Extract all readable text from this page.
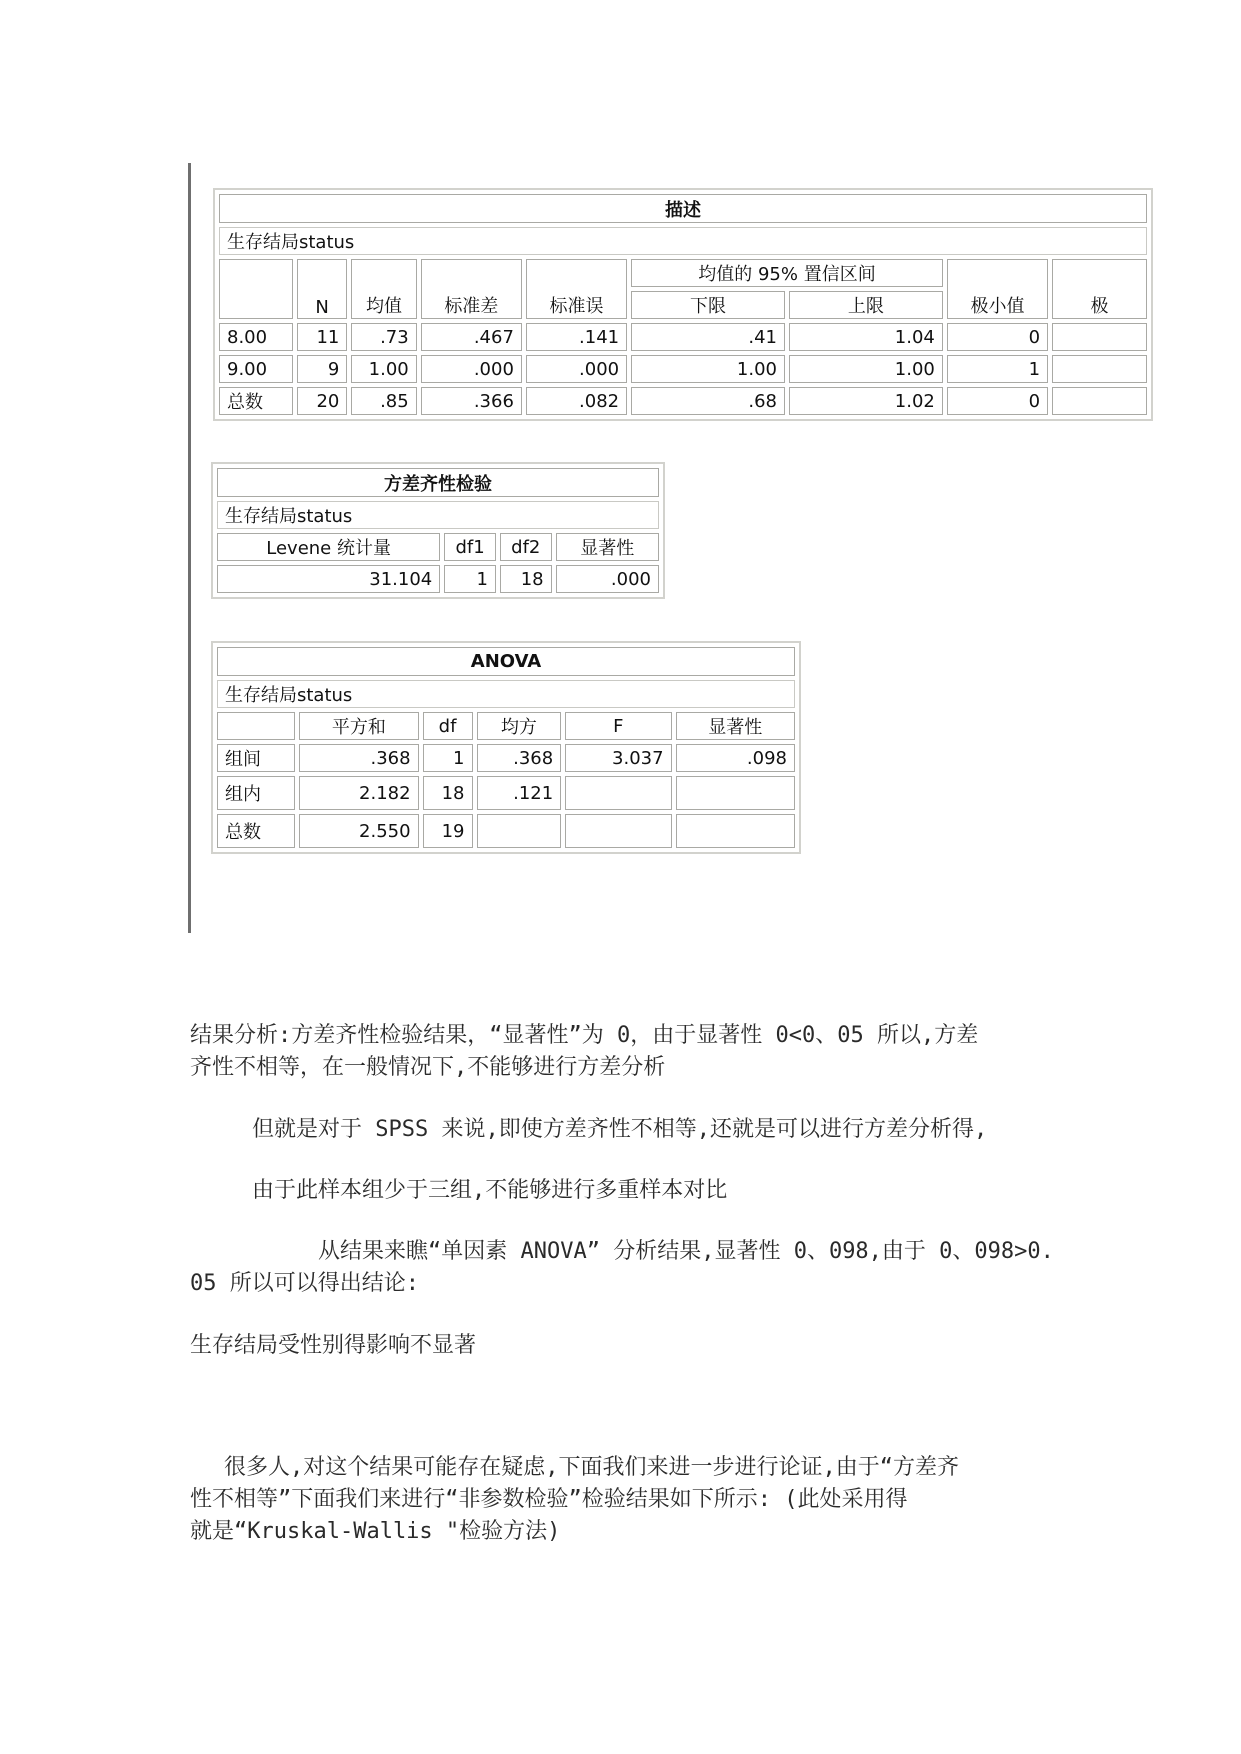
描述								
生存结局status								
	N	均值	标准差	标准误	均值的 95% 置信区间		极小值	极
					下限	上限		
8.00	11	.73	.467	.141	.41	1.04	0	
9.00	9	1.00	.000	.000	1.00	1.00	1	
总数	20	.85	.366	.082	.68	1.02	0	
方差齐性检验			
生存结局status			
Levene 统计量	df1	df2	显著性
31.104	1	18	.000
ANOVA					
生存结局status					
	平方和	df	均方	F	显著性
组间	.368	1	.368	3.037	.098
组内	2.182	18	.121		
总数	2.550	19			

结果分析:方差齐性检验结果，“显著性”为 0，由于显著性 0<0、05 所以,方差

齐性不相等，在一般情况下,不能够进行方差分析

但就是对于 SPSS 来说,即使方差齐性不相等,还就是可以进行方差分析得,

由于此样本组少于三组,不能够进行多重样本对比

从结果来瞧“单因素 ANOVA” 分析结果,显著性 0、098,由于 0、098>0.

05 所以可以得出结论:

生存结局受性别得影响不显著

很多人,对这个结果可能存在疑虑,下面我们来进一步进行论证,由于“方差齐

性不相等”下面我们来进行“非参数检验”检验结果如下所示: (此处采用得

就是“Kruskal-Wallis "检验方法)
